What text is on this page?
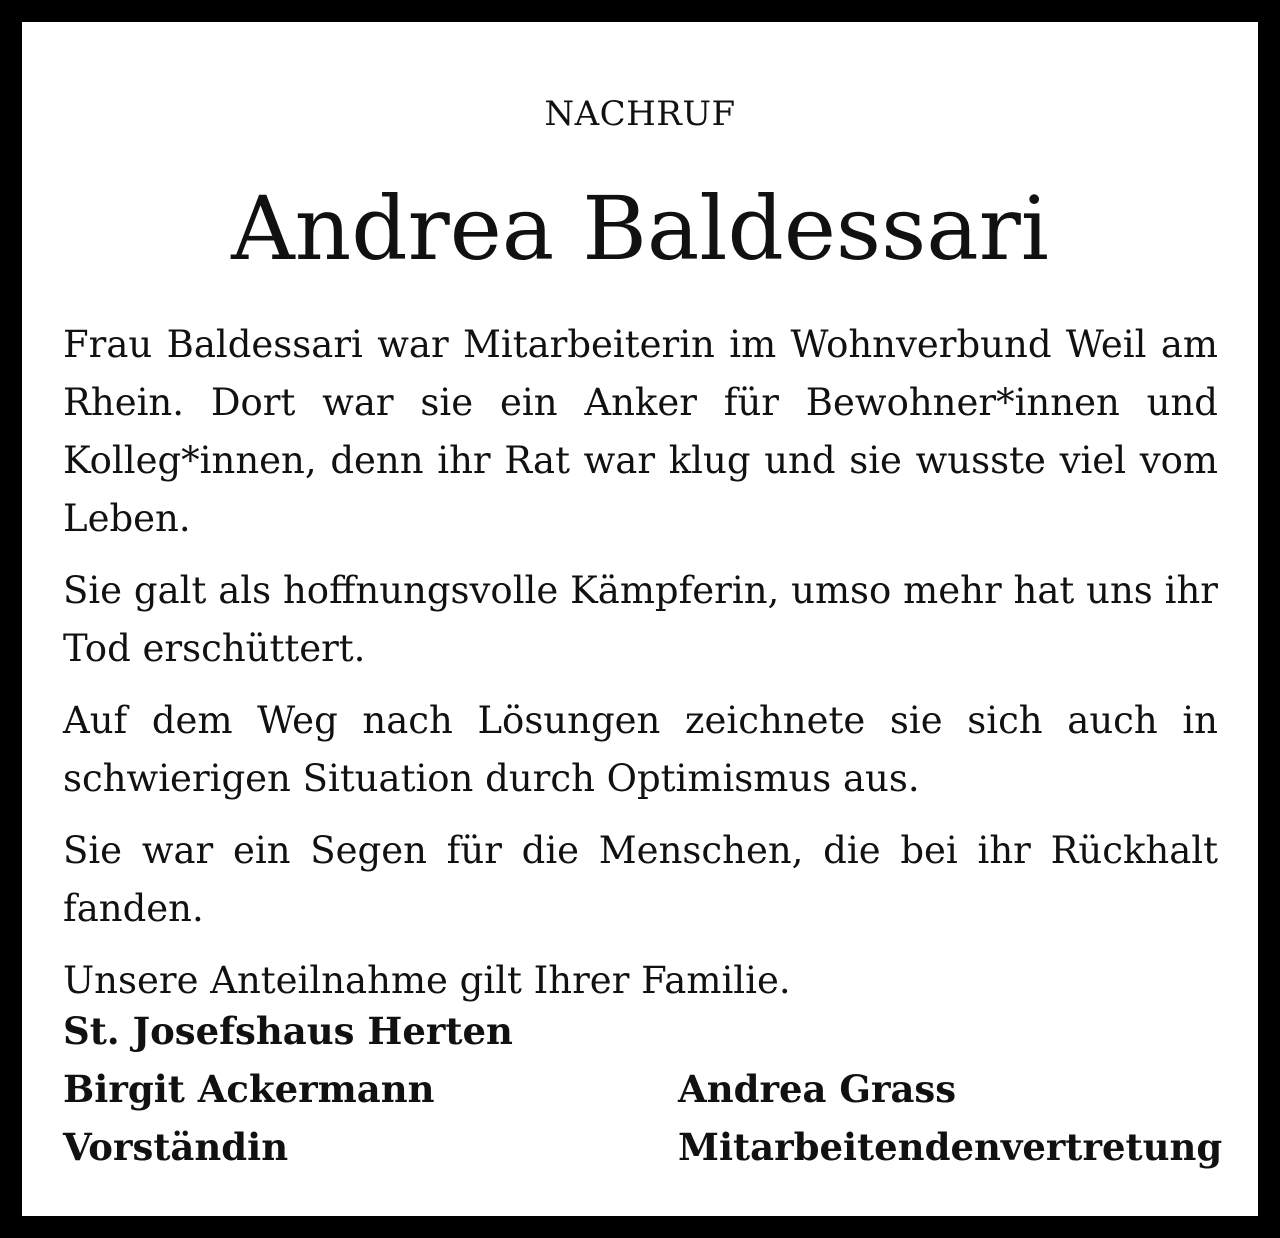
NACHRUF
Andrea Baldessari

Frau Baldessari war Mitarbeiterin im Wohnverbund Weil am Rhein. Dort war sie ein Anker für Bewohner*innen und Kolleg*innen, denn ihr Rat war klug und sie wusste viel vom Leben.

Sie galt als hoffnungsvolle Kämpferin, umso mehr hat uns ihr Tod erschüttert.

Auf dem Weg nach Lösungen zeichnete sie sich auch in schwierigen Situation durch Optimismus aus.

Sie war ein Segen für die Menschen, die bei ihr Rückhalt fanden.

Unsere Anteilnahme gilt Ihrer Familie.

St. Josefshaus Herten
Birgit Ackermann
Vorständin
Andrea Grass
Mitarbeitendenvertretung
